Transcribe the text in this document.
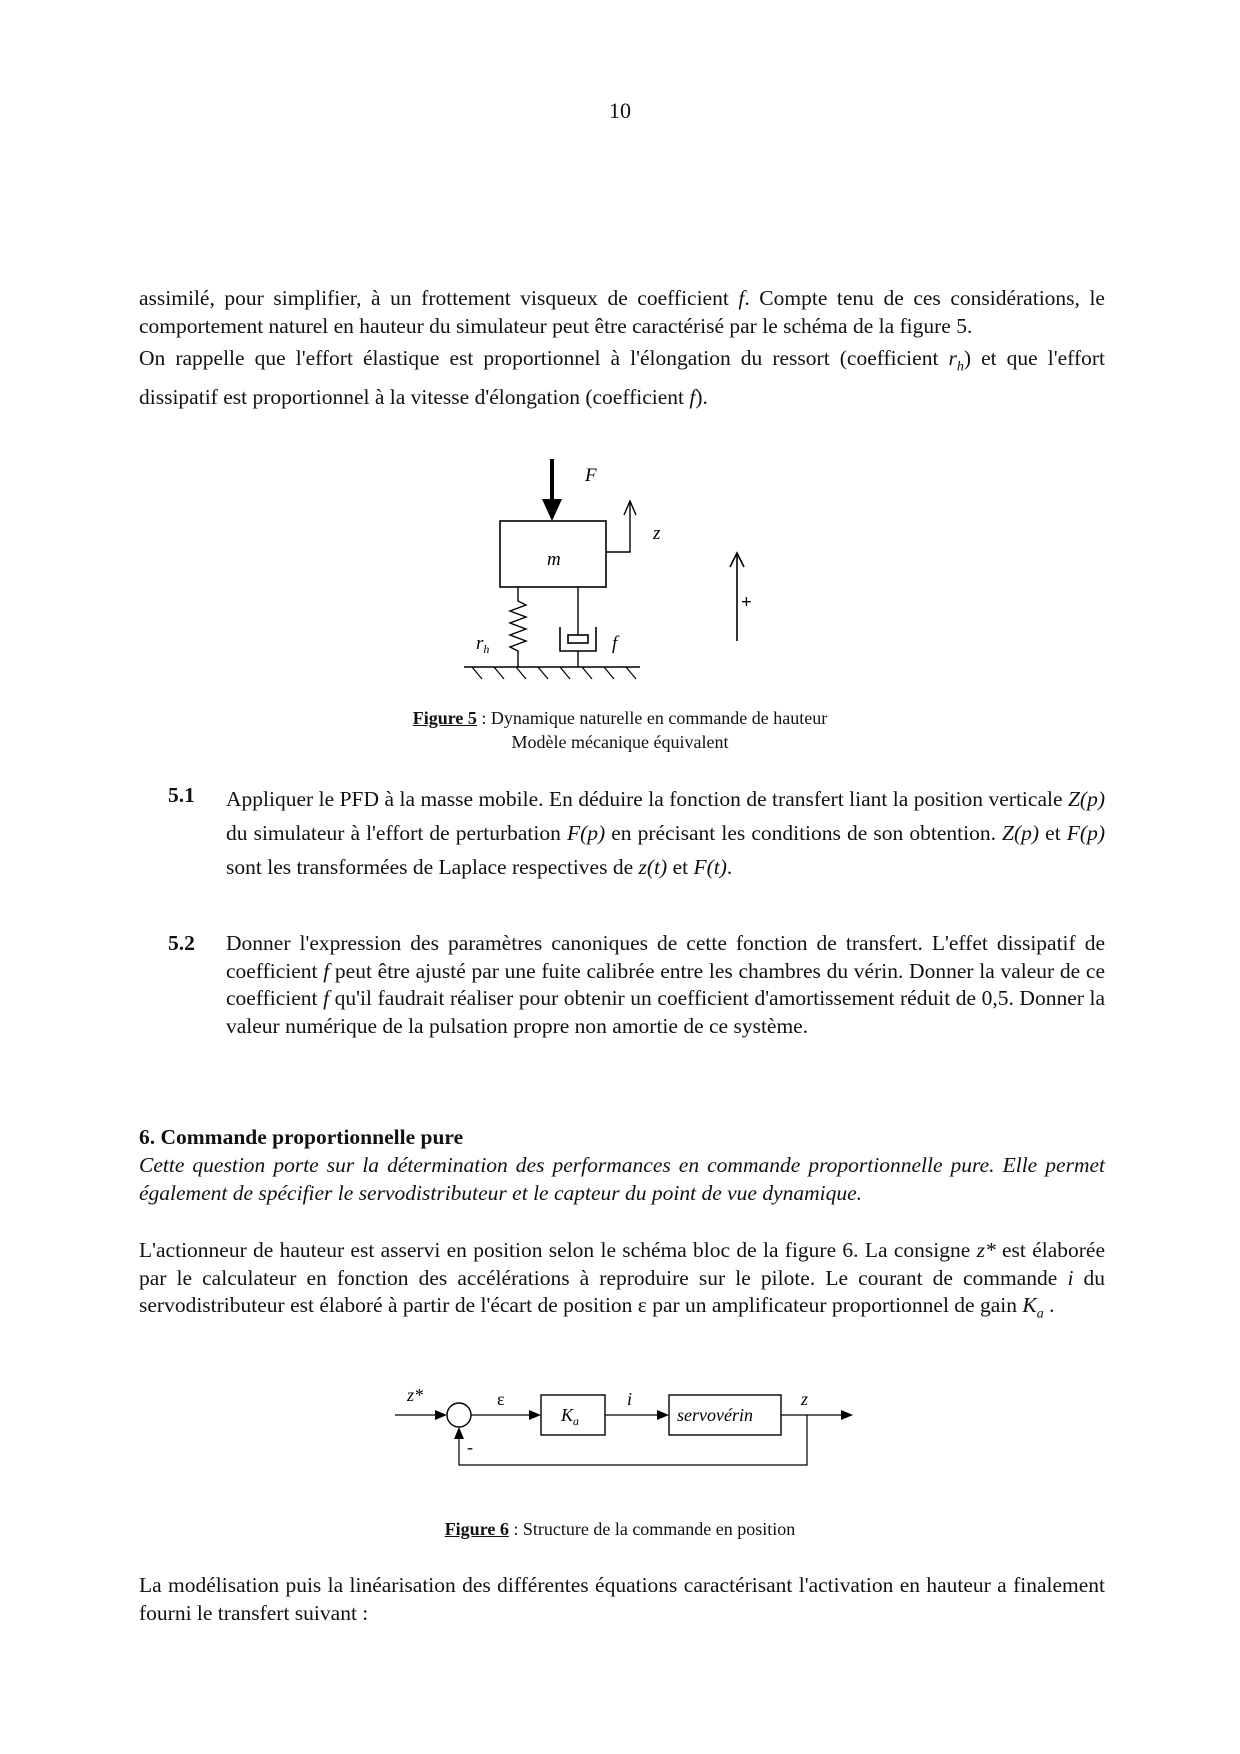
10

assimilé, pour simplifier, à un frottement visqueux de coefficient f. Compte tenu de ces considérations, le comportement naturel en hauteur du simulateur peut être caractérisé par le schéma de la figure 5.

On rappelle que l'effort élastique est proportionnel à l'élongation du ressort (coefficient $r_h$) et que l'effort dissipatif est proportionnel à la vitesse d'élongation (coefficient f).

F
m
z
+
$r_h$	f
Figure 5 : Dynamique naturelle en commande de hauteur
Modèle mécanique équivalent
5.1 Appliquer le PFD à la masse mobile. En déduire la fonction de transfert liant la position verticale Z(p) du simulateur à l'effort de perturbation F(p) en précisant les conditions de son obtention. Z(p) et F(p) sont les transformées de Laplace respectives de z(t) et F(t).
5.2 Donner l'expression des paramètres canoniques de cette fonction de transfert. L'effet dissipatif de coefficient f peut être ajusté par une fuite calibrée entre les chambres du vérin. Donner la valeur de ce coefficient f qu'il faudrait réaliser pour obtenir un coefficient d'amortissement réduit de 0,5. Donner la valeur numérique de la pulsation propre non amortie de ce système.
6. Commande proportionnelle pure
Cette question porte sur la détermination des performances en commande proportionnelle pure. Elle permet également de spécifier le servodistributeur et le capteur du point de vue dynamique.

L'actionneur de hauteur est asservi en position selon le schéma bloc de la figure 6. La consigne z* est élaborée par le calculateur en fonction des accélérations à reproduire sur le pilote. Le courant de commande i du servodistributeur est élaboré à partir de l'écart de position ε par un amplificateur proportionnel de gain $K_a$ .

z*	ε
$K_a$
i
servovérin
z
-
Figure 6 : Structure de la commande en position
La modélisation puis la linéarisation des différentes équations caractérisant l'activation en hauteur a finalement fourni le transfert suivant :
